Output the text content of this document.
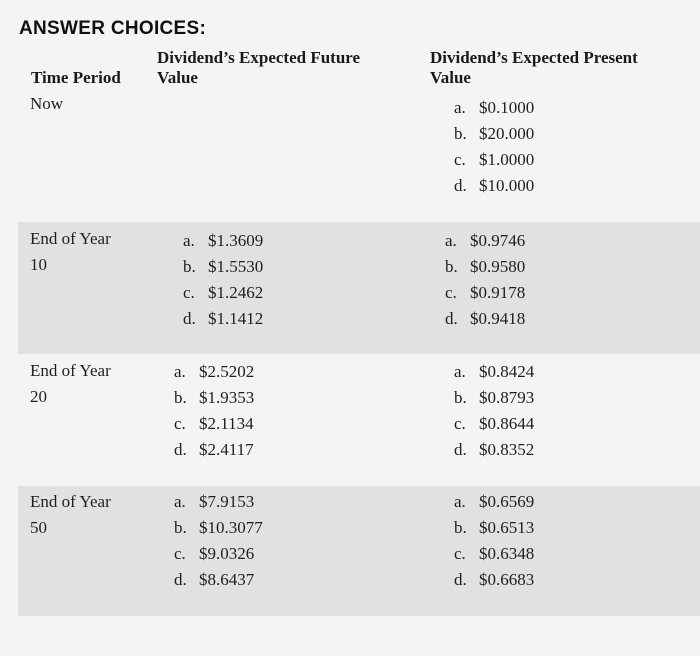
ANSWER CHOICES:
Time Period
Dividend’s Expected Future
Value
Dividend’s Expected Present
Value
Now	a. $0.1000
b. $20.000
c. $1.0000
d. $10.000
End of Year
10
a. $1.3609
b. $1.5530
c. $1.2462
d. $1.1412
a. $0.9746
b. $0.9580
c. $0.9178
d. $0.9418
End of Year
20
a. $2.5202
b. $1.9353
c. $2.1134
d. $2.4117
a. $0.8424
b. $0.8793
c. $0.8644
d. $0.8352
End of Year
50
a. $7.9153
b. $10.3077
c. $9.0326
d. $8.6437
a. $0.6569
b. $0.6513
c. $0.6348
d. $0.6683
